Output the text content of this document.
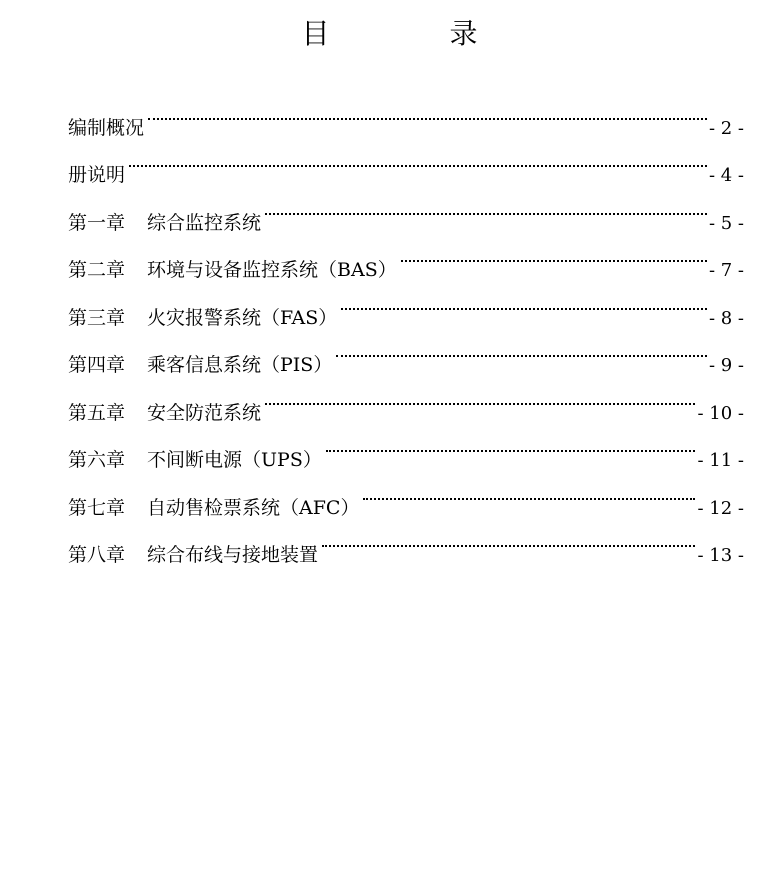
目　录
编制概况	- 2 -
册说明	- 4 -
第一章 综合监控系统	- 5 -
第二章 环境与设备监控系统（BAS）	- 7 -
第三章 火灾报警系统（FAS）	- 8 -
第四章 乘客信息系统（PIS）	- 9 -
第五章 安全防范系统	- 10 -
第六章 不间断电源（UPS）	- 11 -
第七章 自动售检票系统（AFC）	- 12 -
第八章 综合布线与接地装置	- 13 -
